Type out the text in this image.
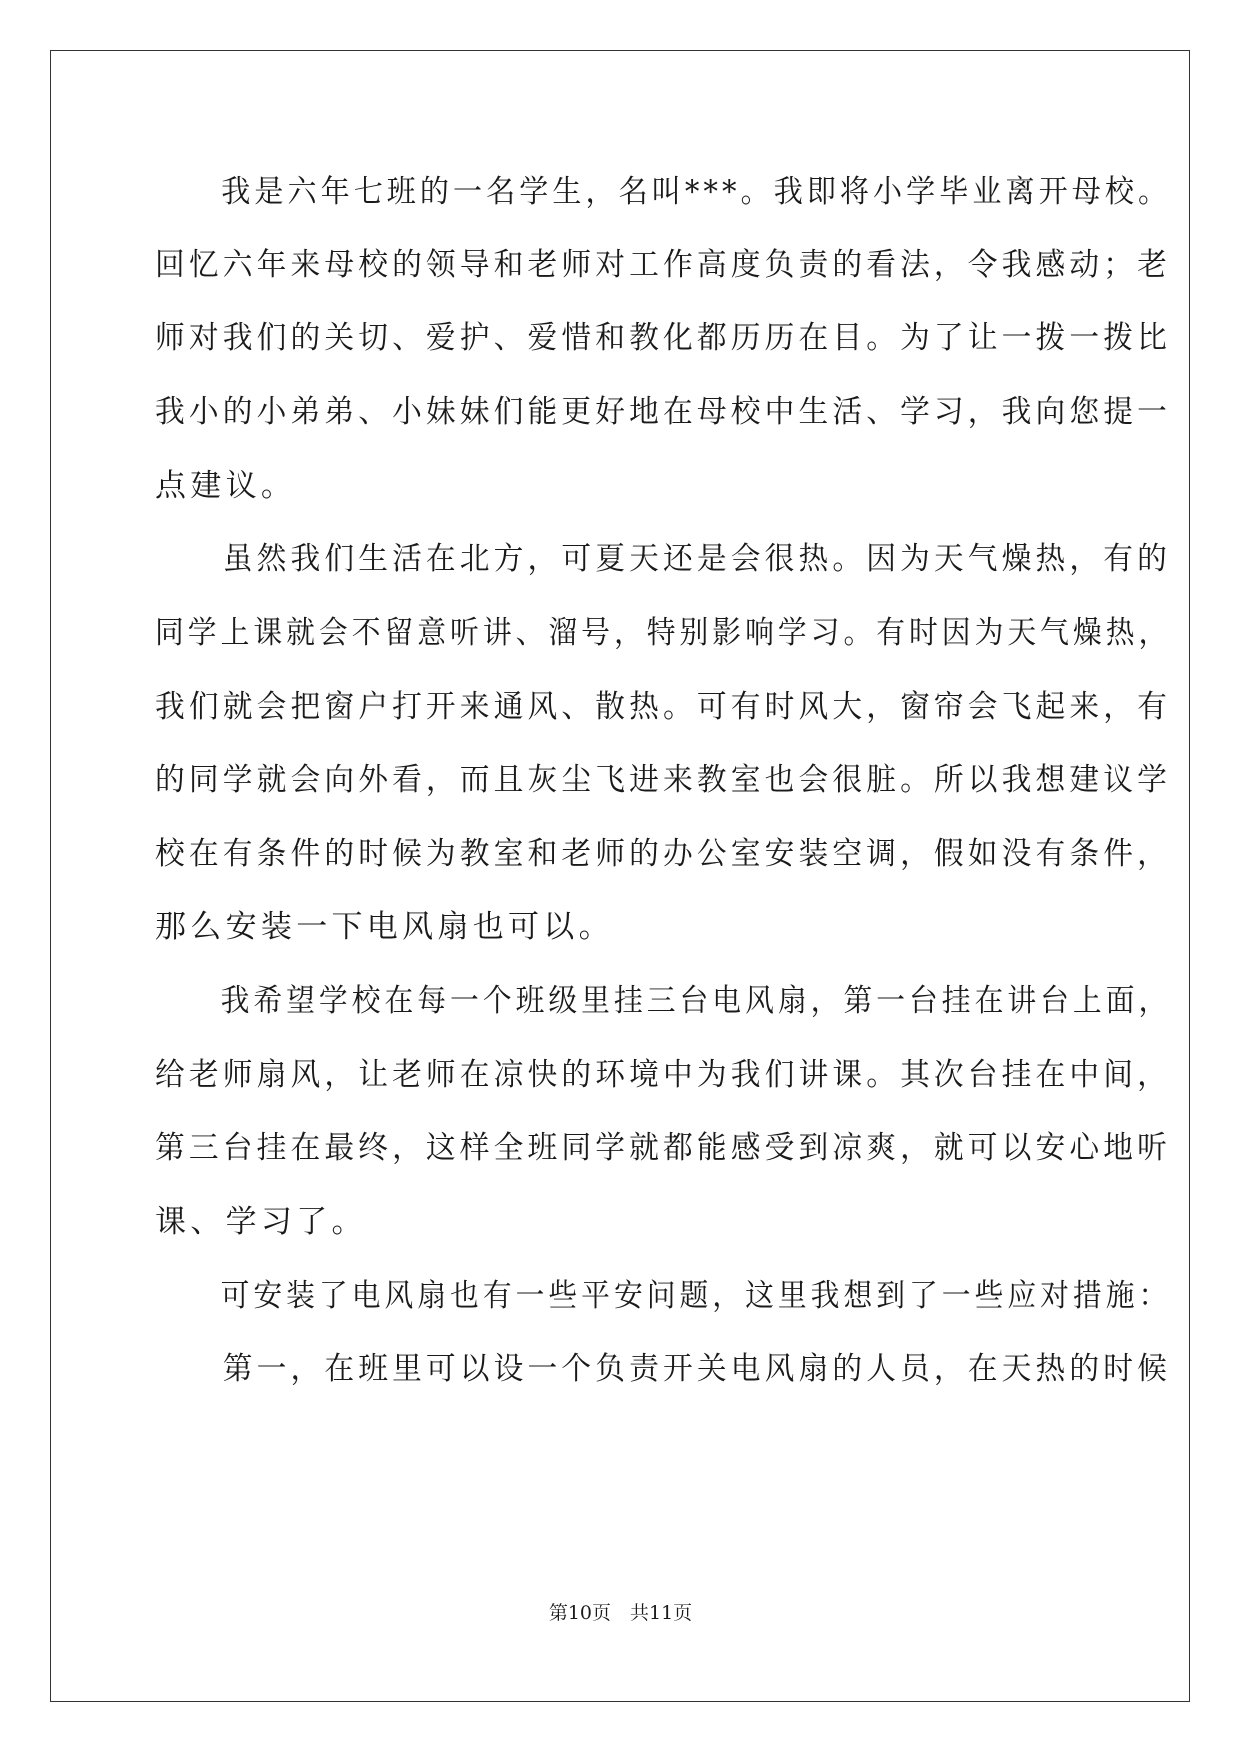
　　我是六年七班的一名学生，名叫***。我即将小学毕业离开母校。

回忆六年来母校的领导和老师对工作高度负责的看法，令我感动；老

师对我们的关切、爱护、爱惜和教化都历历在目。为了让一拨一拨比

我小的小弟弟、小妹妹们能更好地在母校中生活、学习，我向您提一

点建议。

　　虽然我们生活在北方，可夏天还是会很热。因为天气燥热，有的

同学上课就会不留意听讲、溜号，特别影响学习。有时因为天气燥热，

我们就会把窗户打开来通风、散热。可有时风大，窗帘会飞起来，有

的同学就会向外看，而且灰尘飞进来教室也会很脏。所以我想建议学

校在有条件的时候为教室和老师的办公室安装空调，假如没有条件，

那么安装一下电风扇也可以。

　　我希望学校在每一个班级里挂三台电风扇，第一台挂在讲台上面，

给老师扇风，让老师在凉快的环境中为我们讲课。其次台挂在中间，

第三台挂在最终，这样全班同学就都能感受到凉爽，就可以安心地听

课、学习了。

　　可安装了电风扇也有一些平安问题，这里我想到了一些应对措施：

　　第一，在班里可以设一个负责开关电风扇的人员，在天热的时候

第10页　共11页
